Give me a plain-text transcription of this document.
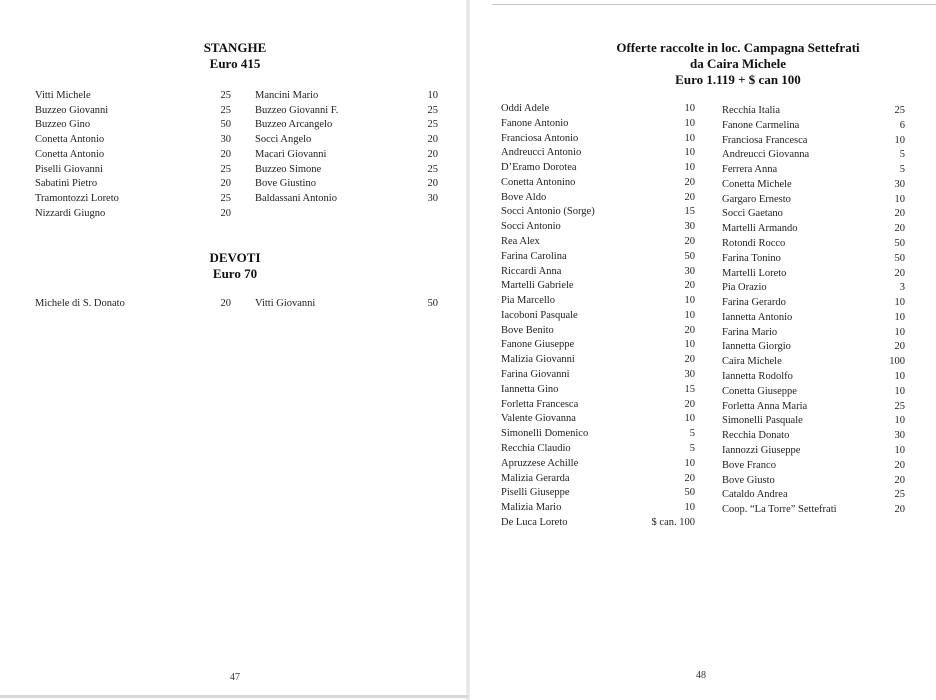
STANGHE
Euro 415
Vitti Michele	25
Buzzeo Giovanni	25
Buzzeo Gino	50
Conetta Antonio	30
Conetta Antonio	20
Piselli Giovanni	25
Sabatini Pietro	20
Tramontozzi Loreto	25
Nizzardi Giugno	20
Mancini Mario	10
Buzzeo Giovanni F.	25
Buzzeo Arcangelo	25
Socci Angelo	20
Macari Giovanni	20
Buzzeo Simone	25
Bove Giustino	20
Baldassani Antonio	30
DEVOTI
Euro 70
Michele di S. Donato	20 Vitti Giovanni	50
47
Offerte raccolte in loc. Campagna Settefrati
da Caira Michele
Euro 1.119 + $ can 100
Oddi Adele	10
Fanone Antonio	10
Franciosa Antonio	10
Andreucci Antonio	10
D’Eramo Dorotea	10
Conetta Antonino	20
Bove Aldo	20
Socci Antonio (Sorge)	15
Socci Antonio	30
Rea Alex	20
Farina Carolina	50
Riccardi Anna	30
Martelli Gabriele	20
Pia Marcello	10
Iacoboni Pasquale	10
Bove Benito	20
Fanone Giuseppe	10
Malizia Giovanni	20
Farina Giovanni	30
Iannetta Gino	15
Forletta Francesca	20
Valente Giovanna	10
Simonelli Domenico	5
Recchia Claudio	5
Apruzzese Achille	10
Malizia Gerarda	20
Piselli Giuseppe	50
Malizia Mario	10
De Luca Loreto	$ can. 100
Recchia Italia	25
Fanone Carmelina	6
Franciosa Francesca	10
Andreucci Giovanna	5
Ferrera Anna	5
Conetta Michele	30
Gargaro Ernesto	10
Socci Gaetano	20
Martelli Armando	20
Rotondi Rocco	50
Farina Tonino	50
Martelli Loreto	20
Pia Orazio	3
Farina Gerardo	10
Iannetta Antonio	10
Farina Mario	10
Iannetta Giorgio	20
Caira Michele	100
Iannetta Rodolfo	10
Conetta Giuseppe	10
Forletta Anna Maria	25
Simonelli Pasquale	10
Recchia Donato	30
Iannozzi Giuseppe	10
Bove Franco	20
Bove Giusto	20
Cataldo Andrea	25
Coop. “La Torre” Settefrati	20
48
